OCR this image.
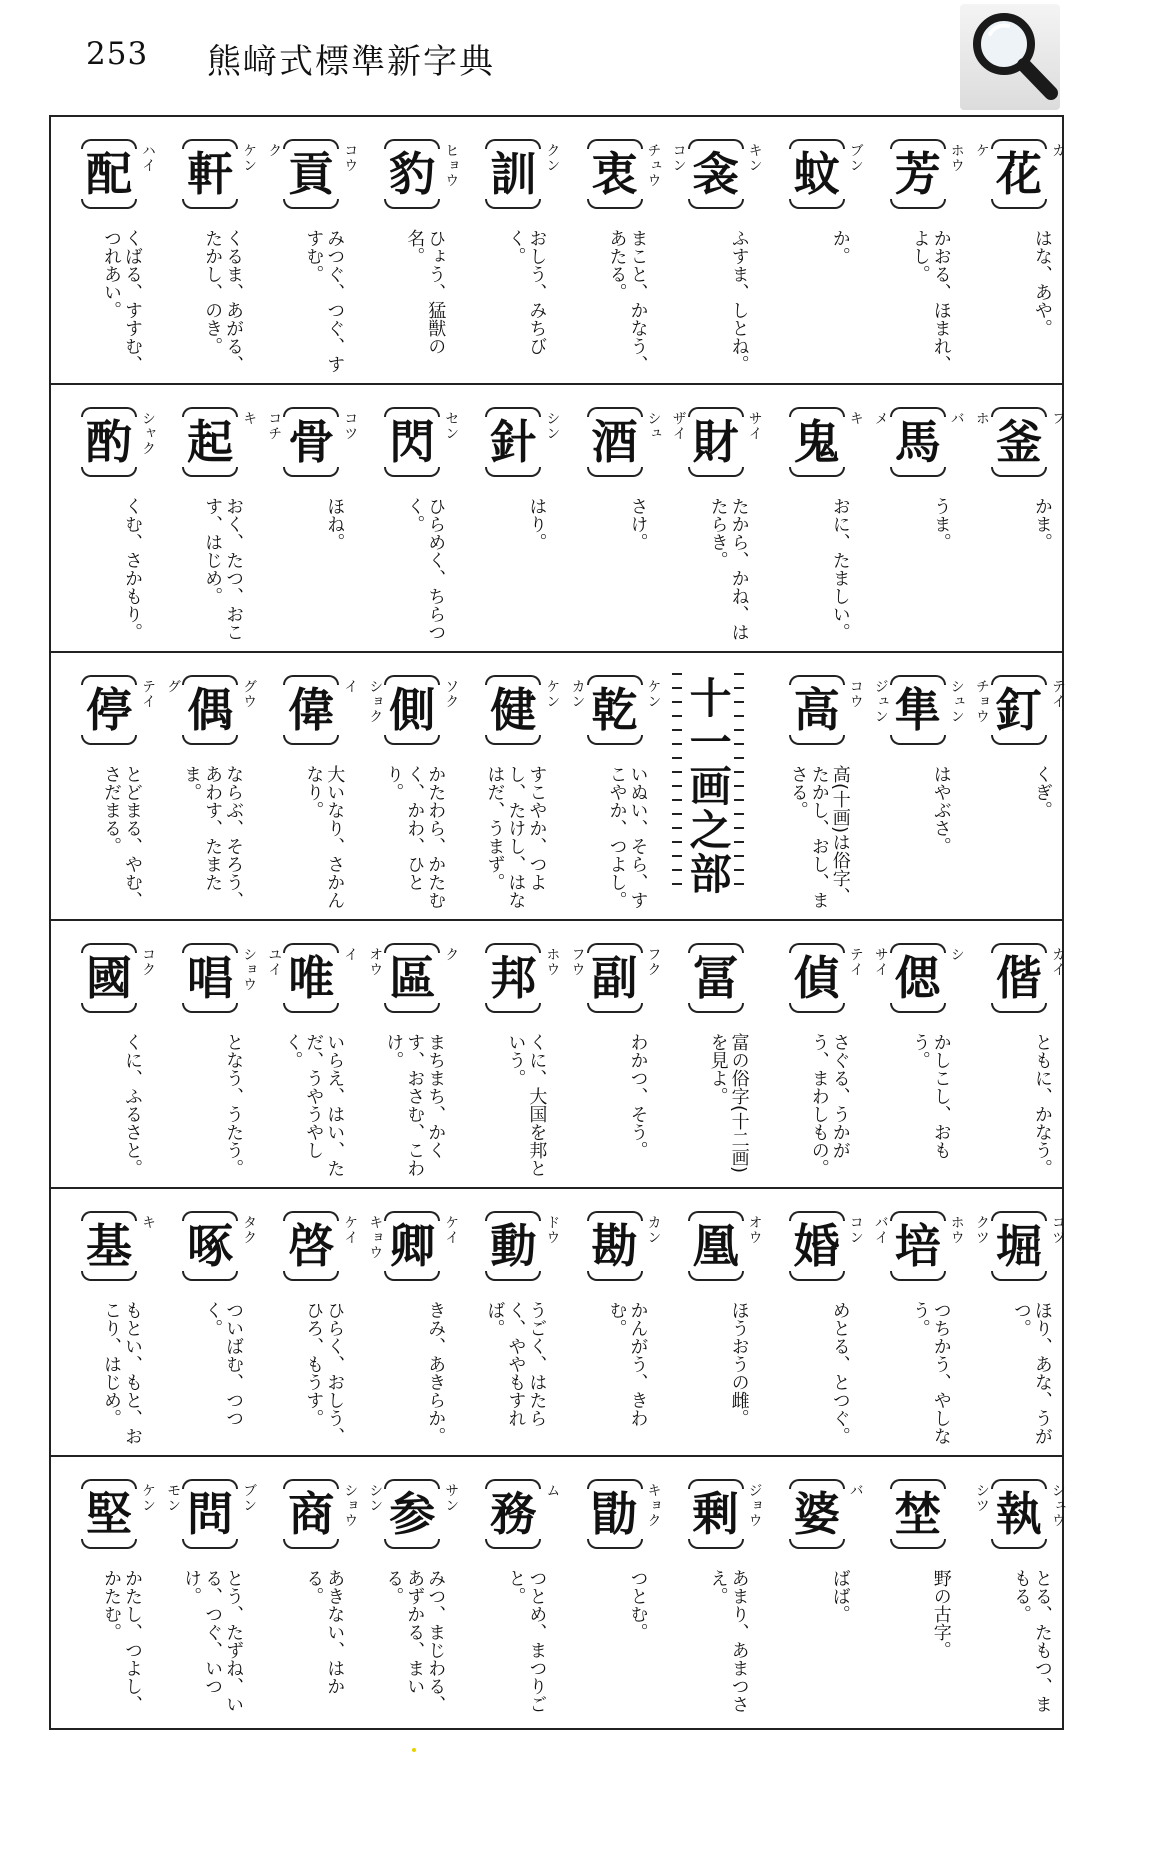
253 熊﨑式標準新字典
配 ハイ
くばる、すすむ、つれあい。
軒 ケン
くるま、あがる、たかし、のき。
貢 コウ
ク
みつぐ、つぐ、すすむ。
豹 ヒョウ
ひょう、猛獣の名。
訓 クン
おしう、みちびく。
衷 チュウ
まこと、かなう、あたる。
衾 キン
コン
ふすま、しとね。
蚊 ブン
か。
芳 ホウ
かおる、ほまれ、よし。
花 カ
ケ
はな、あや。
酌 シャク
くむ、さかもり。
起 キ
おく、たつ、おこす、はじめ。
骨 コツ
コチ
ほね。
閃 セン
ひらめく、ちらつく。
針 シン
はり。
酒 シュ
さけ。
財 サイ
ザイ
たから、かね、はたらき。
鬼 キ
おに、たましい。
馬 バ
メ
うま。
釜 フ
ホ
かま。
停 テイ
とどまる、やむ、さだまる。
偶 グウ
グ
ならぶ、そろう、あわす、たまたま。
偉 イ
大いなり、さかんなり。
側 ソク
ショク
かたわら、かたむく、かわ、ひとり。
健 ケン
すこやか、つよし、たけし、はなはだ、うまず。
乾 ケン
カン
いぬい、そら、すこやか、つよし。	十一画之部 高 コウ
高(十画)は俗字、たかし、おし、まさる。
隼 シュン
ジュン
はやぶさ。
釘 テイ
チョウ
くぎ。
國 コク
くに、ふるさと。
唱 ショウ
となう、うたう。
唯 イ
ユイ
いらえ、はい、ただ、うやうやしく。
區 ク
オウ
まちまち、かくす、おさむ、こわけ。
邦 ホウ
くに、大国を邦という。
副 フク
フウ
わかつ、そう。
冨
富の俗字(十二画)を見よ。
偵 テイ
さぐる、うかがう、まわしもの。
偲 シ
サイ
かしこし、おもう。
偕 カイ
ともに、かなう。
基 キ
もとい、もと、おこり、はじめ。
啄 タク
ついばむ、つつく。
啓 ケイ
ひらく、おしう、ひろ、もうす。
卿 ケイ
キョウ
きみ、あきらか。
動 ドウ
うごく、はたらく、ややもすれば。
勘 カン
かんがう、きわむ。
凰 オウ
ほうおうの雌。
婚 コン
めとる、とつぐ。
培 ホウ
バイ
つちかう、やしなう。
堀 コツ
クツ
ほり、あな、うがつ。
堅 ケン
かたし、つよし、かたむ。
問 ブン
モン
とう、たずね、いる、つぐ、いつけ。
商 ショウ
あきない、はかる。
参 サン
シン
みつ、まじわる、あずかる、まいる。
務 ム
つとめ、まつりごと。
勖 キョク
つとむ。
剰 ジョウ
あまり、あまつさえ。
婆 バ
ばば。
埜
野の古字。
執 シュウ
シツ
とる、たもつ、まもる。
